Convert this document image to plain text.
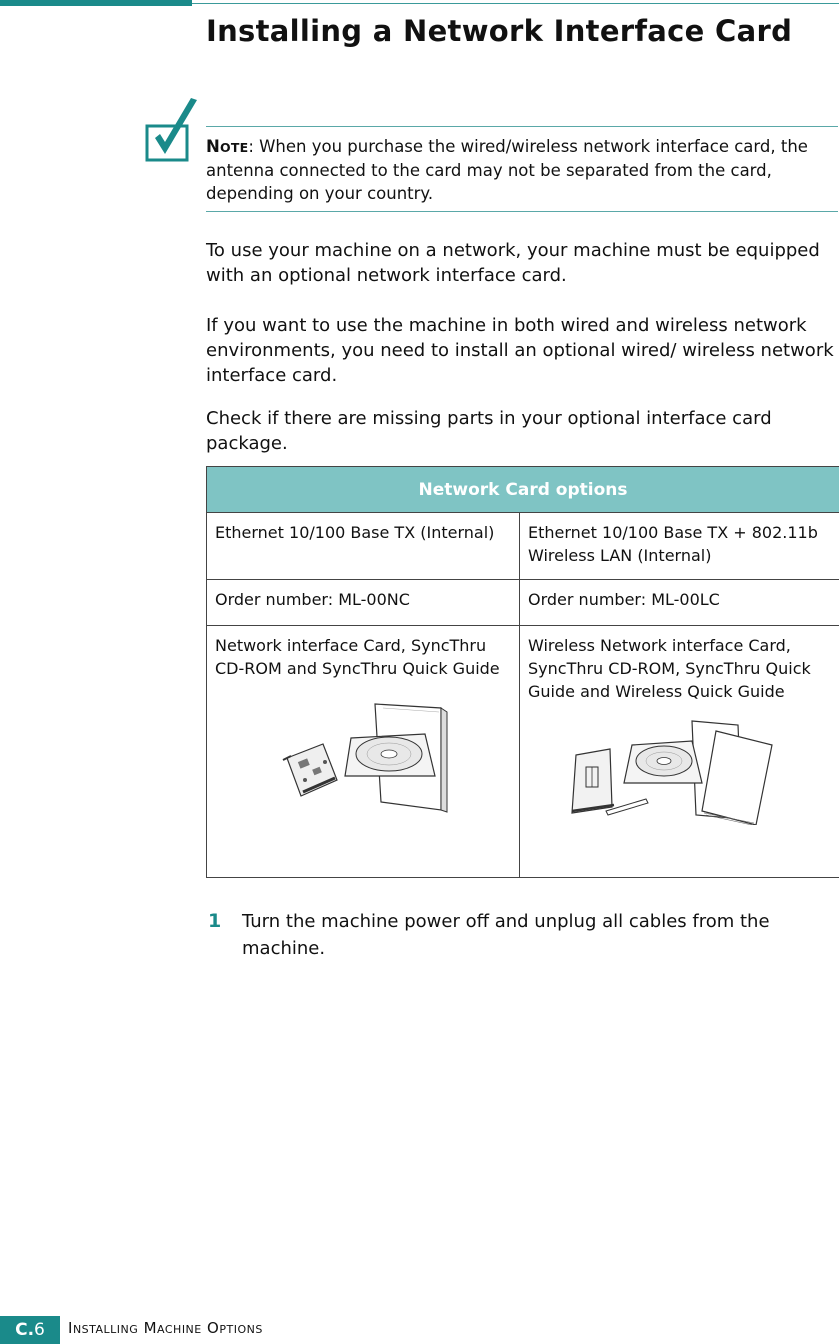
Installing a Network Interface Card
NOTE: When you purchase the wired/wireless network interface card, the antenna connected to the card may not be separated from the card, depending on your country.

To use your machine on a network, your machine must be equipped with an optional network interface card.

If you want to use the machine in both wired and wireless network environments, you need to install an optional wired/ wireless network interface card.

Check if there are missing parts in your optional interface card package.

Network Card options	
Ethernet 10/100 Base TX (Internal)	Ethernet 10/100 Base TX + 802.11b Wireless LAN (Internal)
Order number: ML-00NC	Order number: ML-00LC

Network interface Card, SyncThru CD-ROM and SyncThru Quick Guide	Wireless Network interface Card, SyncThru CD-ROM, SyncThru Quick Guide and Wireless Quick Guide
1 Turn the machine power off and unplug all cables from the machine.
C.6	INSTALLING MACHINE OPTIONS
